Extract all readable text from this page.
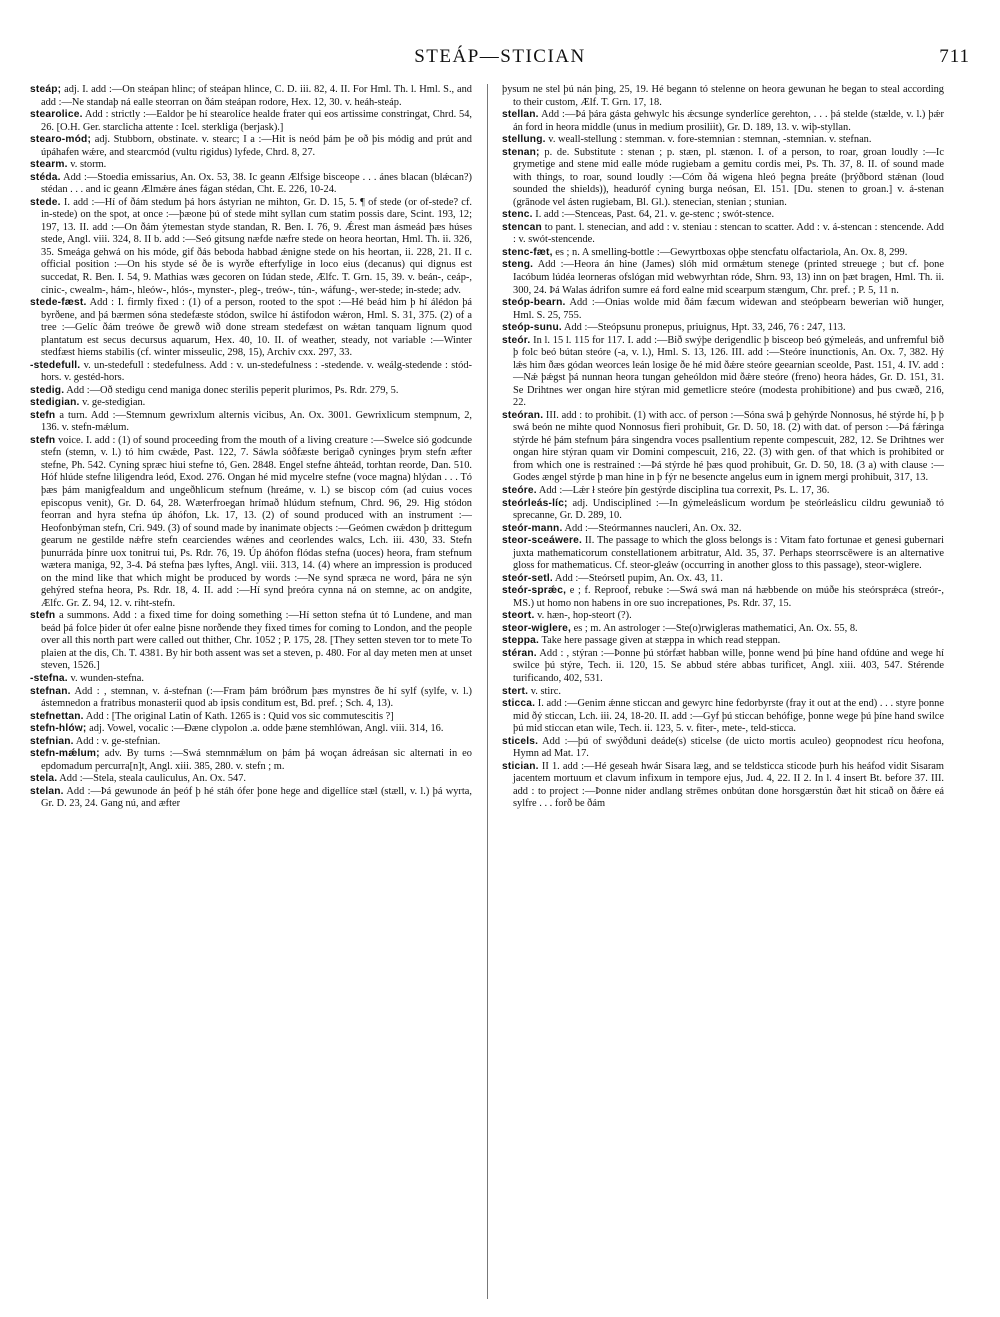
STEÁP—STICIAN	711

steáp; adj. I. add :—On steápan hlinc; of steápan hlince, C. D. iii. 82, 4. II. For Hml. Th. l. Hml. S., and add :—Ne standaþ ná ealle steorran on ðám steápan rodore, Hex. 12, 30. v. heáh-steáp.

stearolice. Add : strictly :—Ealdor þe hí stearolíce healde frater qui eos artissime constringat, Chrd. 54, 26. [O.H. Ger. starclicha attente : Icel. sterkliga (berjask).]

stearo-mód; adj. Stubborn, obstinate. v. stearc; I a :—Hit is neód þám þe oð þis módig and prút and úpáhafen wǽre, and stearcmód (vultu rigidus) lyfede, Chrd. 8, 27.

stearm. v. storm.

stéda. Add :—Stoedia emissarius, An. Ox. 53, 38. Ic geann Ælfsige bisceope . . . ánes blacan (blǽcan?) stédan . . . and ic geann Ælmǽre ánes fágan stédan, Cht. E. 226, 10-24.

stede. I. add :—Hí of ðám stedum þá hors ástyrian ne mihton, Gr. D. 15, 5. ¶ of stede (or of-stede? cf. in-stede) on the spot, at once :—þæone þú of stede miht syllan cum statim possis dare, Scint. 193, 12; 197, 13. II. add :—On ðám ýtemestan styde standan, R. Ben. I. 76, 9. Ǽrest man ásmeád þæs húses stede, Angl. viii. 324, 8. II b. add :—Seó gitsung næfde næfre stede on heora heortan, Hml. Th. ii. 326, 35. Smeága gehwá on his móde, gif ðás beboda habbad ǽnigne stede on his heortan, ii. 228, 21. II c. official position :—On his styde sé ðe is wyrðe efterfylige in loco eius (decanus) qui dignus est succedat, R. Ben. I. 54, 9. Mathias wæs gecoren on Iúdan stede, Ælfc. T. Grn. 15, 39. v. beán-, ceáp-, cinic-, cwealm-, hám-, hleów-, hlós-, mynster-, pleg-, treów-, tún-, wáfung-, wer-stede; in-stede; adv.

stede-fæst. Add : I. firmly fixed : (1) of a person, rooted to the spot :—Hé beád him þ hí álédon þá byrðene, and þá bærmen sóna stedefæste stódon, swilce hí ástifodon wǽron, Hml. S. 31, 375. (2) of a tree :—Gelíc ðám treówe ðe grewð wið done stream stedefæst on wǽtan tanquam lignum quod plantatum est secus decursus aquarum, Hex. 40, 10. II. of weather, steady, not variable :—Winter stedfæst hiems stabilis (cf. winter misseulic, 298, 15), Archiv cxx. 297, 33.

-stedefull. v. un-stedefull : stedefulness. Add : v. un-stedefulness : -stedende. v. weálg-stedende : stód-hors. v. gestéd-hors.

stedig. Add :—Oð stedigu cend maniga donec sterilis peperit plurimos, Ps. Rdr. 279, 5.

stedigian. v. ge-stedigian.

stefn a turn. Add :—Stemnum gewrixlum alternis vicibus, An. Ox. 3001. Gewrixlicum stempnum, 2, 136. v. stefn-mǽlum.

stefn voice. I. add : (1) of sound proceeding from the mouth of a living creature :—Swelce sió godcunde stefn (stemn, v. l.) tó him cwǽde, Past. 122, 7. Sáwla sóðfæste berigað cyninges þrym stefn æfter stefne, Ph. 542. Cyning spræc hiui stefne tó, Gen. 2848. Engel stefne áhteád, torhtan reorde, Dan. 510. Hóf hlúde stefne liligendra leód, Exod. 276. Ongan hé mid mycelre stefne (voce magna) hlýdan . . . Tó þæs þám manigfealdum and ungeðhlicum stefnum (hreáme, v. l.) se biscop cóm (ad cuius voces episcopus venit), Gr. D. 64, 28. Wæterfroegan hrímað hlúdum stefnum, Chrd. 96, 29. Hig stódon feorran and hyra stefna úp áhófon, Lk. 17, 13. (2) of sound produced with an instrument :—Heofonbýman stefn, Cri. 949. (3) of sound made by inanimate objects :—Geómen cwǽdon þ drittegum gearum ne gestilde nǽfre stefn cearciendes wǽnes and ceorlendes walcs, Lch. iii. 430, 33. Stefn þunurráda þínre uox tonitrui tui, Ps. Rdr. 76, 19. Úp áhófon flódas stefna (uoces) heora, fram stefnum wætera maniga, 92, 3-4. Þá stefna þæs lyftes, Angl. viii. 313, 14. (4) where an impression is produced on the mind like that which might be produced by words :—Ne synd spræca ne word, þára ne sýn gehýred stefna heora, Ps. Rdr. 18, 4. II. add :—Hí synd þreóra cynna ná on stemne, ac on andgite, Ælfc. Gr. Z. 94, 12. v. riht-stefn.

stefn a summons. Add : a fixed time for doing something :—Hí setton stefna út tó Lundene, and man beád þá folce þider út ofer ealne þisne norðende they fixed times for coming to London, and the people over all this north part were called out thither, Chr. 1052 ; P. 175, 28. [They setten steven tor to mete To plaien at the dis, Ch. T. 4381. By hir both assent was set a steven, p. 480. For al day meten men at unset steven, 1526.]

-stefna. v. wunden-stefna.

stefnan. Add : , stemnan, v. á-stefnan (:—Fram þám bróðrum þæs mynstres ðe hí sylf (sylfe, v. l.) ástemnedon a fratribus monasterii quod ab ipsis conditum est, Bd. pref. ; Sch. 4, 13).

stefnettan. Add : [The original Latin of Kath. 1265 is : Quid vos sic commutescitis ?]

stefn-hlów; adj. Vowel, vocalic :—Ðæne clypolon .a. odde þæne stemhlówan, Angl. viii. 314, 16.

stefnian. Add : v. ge-stefnian.

stefn-mǽlum; adv. By turns :—Swá stemnmǽlum on þám þá woçan ádreásan sic alternati in eo epdomadum percurra[n]t, Angl. xiii. 385, 280. v. stefn ; m.

stela. Add :—Stela, steala cauliculus, An. Ox. 547.

stelan. Add :—Þá gewunode án þeóf þ hé stáh ófer þone hege and digellíce stæl (stæll, v. l.) þá wyrta, Gr. D. 23, 24. Gang nú, and æfter

þysum ne stel þú nán þing, 25, 19. Hé begann tó stelenne on heora gewunan he began to steal according to their custom, Ælf. T. Grn. 17, 18.

stellan. Add :—Þá þára gásta gehwylc his ǽcsunge synderlíce gerehton, . . . þá stelde (stælde, v. l.) þǽr án ford in heora middle (unus in medium prosiliit), Gr. D. 189, 13. v. wiþ-styllan.

stellung. v. weall-stellung : stemman. v. fore-stemnian : stemnan, -stemnian. v. stefnan.

stenan; p. de. Substitute : stenan ; p. stæn, pl. stænon. I. of a person, to roar, groan loudly :—Ic grymetige and stene mid ealle móde rugiebam a gemitu cordis mei, Ps. Th. 37, 8. II. of sound made with things, to roar, sound loudly :—Cóm ðá wigena hleó þegna þreáte (þrýðbord stǽnan (loud sounded the shields)), headuróf cyning burga neósan, El. 151. [Du. stenen to groan.] v. á-stenan (grānode vel ásten rugiebam, Bl. Gl.). stenecian, stenian ; stunian.

stenc. I. add :—Stenceas, Past. 64, 21. v. ge-stenc ; swót-stence.

stencan to pant. l. stenecian, and add : v. steniau : stencan to scatter. Add : v. á-stencan : stencende. Add : v. swót-stencende.

stenc-fæt, es ; n. A smelling-bottle :—Gewyrtboxas oþþe stencfatu olfactariola, An. Ox. 8, 299.

steng. Add :—Heora án hine (James) slóh mid ormǽtum stenege (printed streuege ; but cf. þone Iacóbum lúdéa leorneras ofslógan mid webwyrhtan róde, Shrn. 93, 13) inn on þæt bragen, Hml. Th. ii. 300, 24. Þá Walas ádrifon sumre eá ford ealne mid scearpum stængum, Chr. pref. ; P. 5, 11 n.

steóp-bearn. Add :—Onias wolde mid ðám fæcum widewan and steópbearn bewerian wið hunger, Hml. S. 25, 755.

steóp-sunu. Add :—Steópsunu pronepus, priuignus, Hpt. 33, 246, 76 : 247, 113.

steór. In l. 15 l. 115 for 117. I. add :—Bið swýþe derigendlic þ bisceop beó gýmeleás, and unfremful bið þ folc beó bútan steóre (-a, v. l.), Hml. S. 13, 126. III. add :—Steóre inunctionis, An. Ox. 7, 382. Hý lǽs him ðæs gódan weorces leán losige ðe hé mid ðǽre steóre geearnian sceolde, Past. 151, 4. IV. add :—Nǽ þǽgst þá nunnan heora tungan geheóldon mid ðǽre steóre (freno) heora hádes, Gr. D. 151, 31. Se Drihtnes wer ongan hire stýran mid gemetlicre steóre (modesta prohibitione) and þus cwæð, 216, 22.

steóran. III. add : to prohibit. (1) with acc. of person :—Sóna swá þ gehýrde Nonnosus, hé stýrde hí, þ þ swá beón ne mihte quod Nonnosus fieri prohibuit, Gr. D. 50, 18. (2) with dat. of person :—Þá fǽringa stýrde hé þám stefnum þára singendra voces psallentium repente compescuit, 282, 12. Se Drihtnes wer ongan hire stýran quam vir Domini compescuit, 216, 22. (3) with gen. of that which is prohibited or from which one is restrained :—Þá stýrde hé þæs quod prohibuit, Gr. D. 50, 18. (3 a) with clause :—Godes ængel stýrde þ man hine in þ fýr ne besencte angelus eum in ignem mergi prohibuit, 317, 13.

steóre. Add :—Lǽr ł steóre þín gestýrde disciplina tua correxit, Ps. L. 17, 36.

steórleás-líc; adj. Undisciplined :—In gýmeleáslicum wordum þe steórleáslicu cildru gewuniað tó sprecanne, Gr. D. 289, 10.

steór-mann. Add :—Steórmannes naucleri, An. Ox. 32.

steor-sceáwere. II. The passage to which the gloss belongs is : Vitam fato fortunae et genesi gubernari juxta mathematicorum constellationem arbitratur, Ald. 35, 37. Perhaps steorrscēwere is an alternative gloss for mathematicus. Cf. steor-gleáw (occurring in another gloss to this passage), steor-wiglere.

steór-setl. Add :—Steórsetl pupim, An. Ox. 43, 11.

steór-sprǽc, e ; f. Reproof, rebuke :—Swá swá man ná hæbbende on múðe his steórsprǽca (streór-, MS.) ut homo non habens in ore suo increpationes, Ps. Rdr. 37, 15.

steort. v. hæn-, hop-steort (?).

steor-wiglere, es ; m. An astrologer :—Ste(o)rwigleras mathematici, An. Ox. 55, 8.

steppa. Take here passage given at stæppa in which read steppan.

stéran. Add : , stýran :—Þonne þú stórfæt habban wille, þonne wend þú þíne hand ofdúne and wege hí swilce þú stýre, Tech. ii. 120, 15. Se abbud stére abbas turificet, Angl. xiii. 403, 547. Stérende turificando, 402, 531.

stert. v. stirc.

sticca. I. add :—Genim ǽnne sticcan and gewyrc hine fedorbyrste (fray it out at the end) . . . styre þonne mid ðý sticcan, Lch. iii. 24, 18-20. II. add :—Gyf þú sticcan behófige, þonne wege þú þíne hand swilce þú mid sticcan etan wile, Tech. ii. 123, 5. v. fiter-, mete-, teld-sticca.

sticels. Add :—þú of swýðduni deáde(s) sticelse (de uicto mortis aculeo) geopnodest rícu heofona, Hymn ad Mat. 17.

stician. II 1. add :—Hé geseah hwár Sisara læg, and se teldsticca sticode þurh his heáfod vidit Sisaram jacentem mortuum et clavum infixum in tempore ejus, Jud. 4, 22. II 2. In l. 4 insert Bt. before 37. III. add : to project :—Þonne nider andlang strēmes onbútan done horsgærstún ðæt hit sticað on ðǽre eá sylfre . . . forð be ðám
